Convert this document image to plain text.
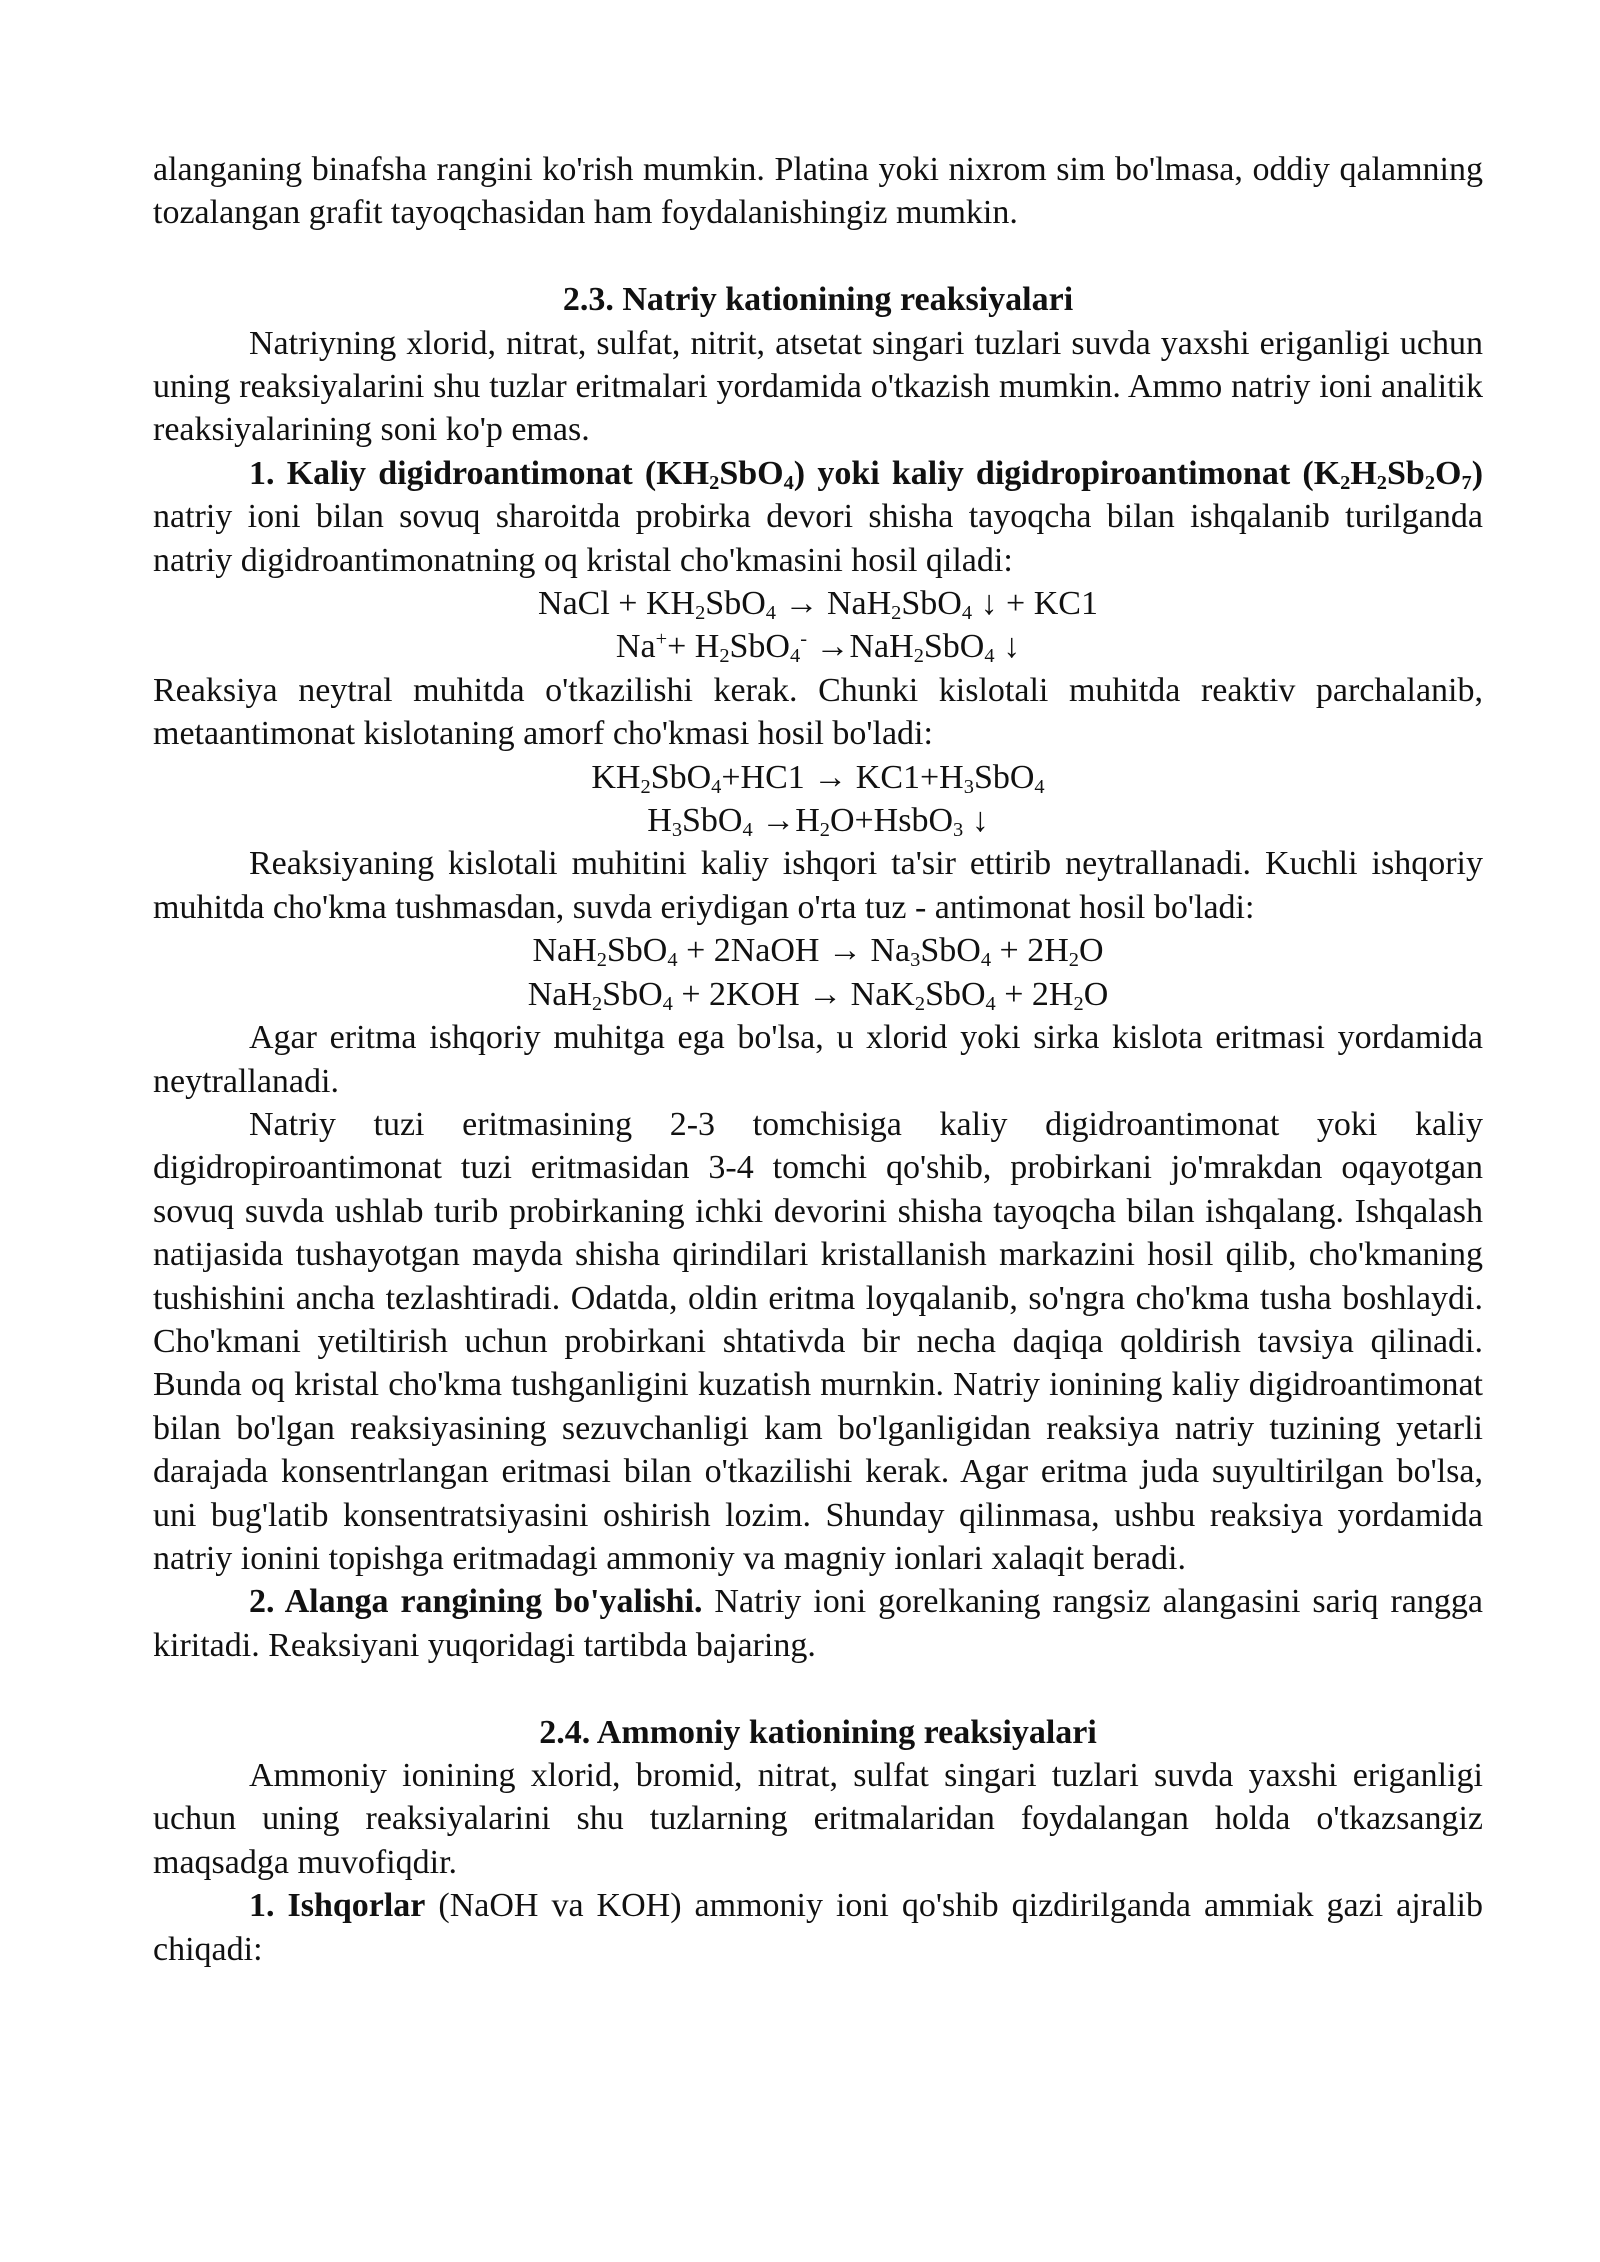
alanganing binafsha rangini ko'rish mumkin. Platina yoki nixrom sim bo'lmasa, oddiy qalamning tozalangan grafit tayoqchasidan ham foydalanishingiz mumkin.

2.3. Natriy kationining reaksiyalari

Natriyning xlorid, nitrat, sulfat, nitrit, atsetat singari tuzlari suvda yaxshi eriganligi uchun uning reaksiyalarini shu tuzlar eritmalari yordamida o'tkazish mumkin. Ammo natriy ioni analitik reaksiyalarining soni ko'p emas.

1. Kaliy digidroantimonat $(KH_2SbO_4)$ yoki kaliy digidropiroantimonat $(K_2H_2Sb_2O_7)$ natriy ioni bilan sovuq sharoitda probirka devori shisha tayoqcha bilan ishqalanib turilganda natriy digidroantimonatning oq kristal cho'kmasini hosil qiladi:

NaCl + $KH_2SbO_4 \to NaH_2SbO_4$ ↓ + KC1

$Na^++ H_2SbO_4^- \to NaH_2SbO_4$ ↓

Reaksiya neytral muhitda o'tkazilishi kerak. Chunki kislotali muhitda reaktiv parchalanib, metaantimonat kislotaning amorf cho'kmasi hosil bo'ladi:

$KH_2SbO_4+HC1 \to KC1+H_3SbO_4$

$H_3SbO_4$ $\to H_2O+HsbO_3$ ↓

Reaksiyaning kislotali muhitini kaliy ishqori ta'sir ettirib neytrallanadi. Kuchli ishqoriy muhitda cho'kma tushmasdan, suvda eriydigan o'rta tuz - antimonat hosil bo'ladi:

NaH$_2$SbO$_4$ + 2NaOH → $Na_3SbO_4 + 2H_2O$

$NaH_2SbO_4 + 2KOH \to NaK_2SbO_4 + 2H_2O$

Agar eritma ishqoriy muhitga ega bo'lsa, u xlorid yoki sirka kislota eritmasi yordamida neytrallanadi.

Natriy tuzi eritmasining 2-3 tomchisiga kaliy digidroantimonat yoki kaliy digidropiroantimonat tuzi eritmasidan 3-4 tomchi qo'shib, probirkani jo'mrakdan oqayotgan sovuq suvda ushlab turib probirkaning ichki devorini shisha tayoqcha bilan ishqalang. Ishqalash natijasida tushayotgan mayda shisha qirindilari kristallanish markazini hosil qilib, cho'kmaning tushishini ancha tezlashtiradi. Odatda, oldin eritma loyqalanib, so'ngra cho'kma tusha boshlaydi. Cho'kmani yetiltirish uchun probirkani shtativda bir necha daqiqa qoldirish tavsiya qilinadi. Bunda oq kristal cho'kma tushganligini kuzatish murnkin. Natriy ionining kaliy digidroantimonat bilan bo'lgan reaksiyasining sezuvchanligi kam bo'lganligidan reaksiya natriy tuzining yetarli darajada konsentrlangan eritmasi bilan o'tkazilishi kerak. Agar eritma juda suyultirilgan bo'lsa, uni bug'latib konsentratsiyasini oshirish lozim. Shunday qilinmasa, ushbu reaksiya yordamida natriy ionini topishga eritmadagi ammoniy va magniy ionlari xalaqit beradi.

2. Alanga rangining bo'yalishi. Natriy ioni gorelkaning rangsiz alangasini sariq rangga kiritadi. Reaksiyani yuqoridagi tartibda bajaring.

2.4. Ammoniy kationining reaksiyalari

Ammoniy ionining xlorid, bromid, nitrat, sulfat singari tuzlari suvda yaxshi eriganligi uchun uning reaksiyalarini shu tuzlarning eritmalaridan foydalangan holda o'tkazsangiz maqsadga muvofiqdir.

1. Ishqorlar (NaOH va KOH) ammoniy ioni qo'shib qizdirilganda ammiak gazi ajralib chiqadi:
